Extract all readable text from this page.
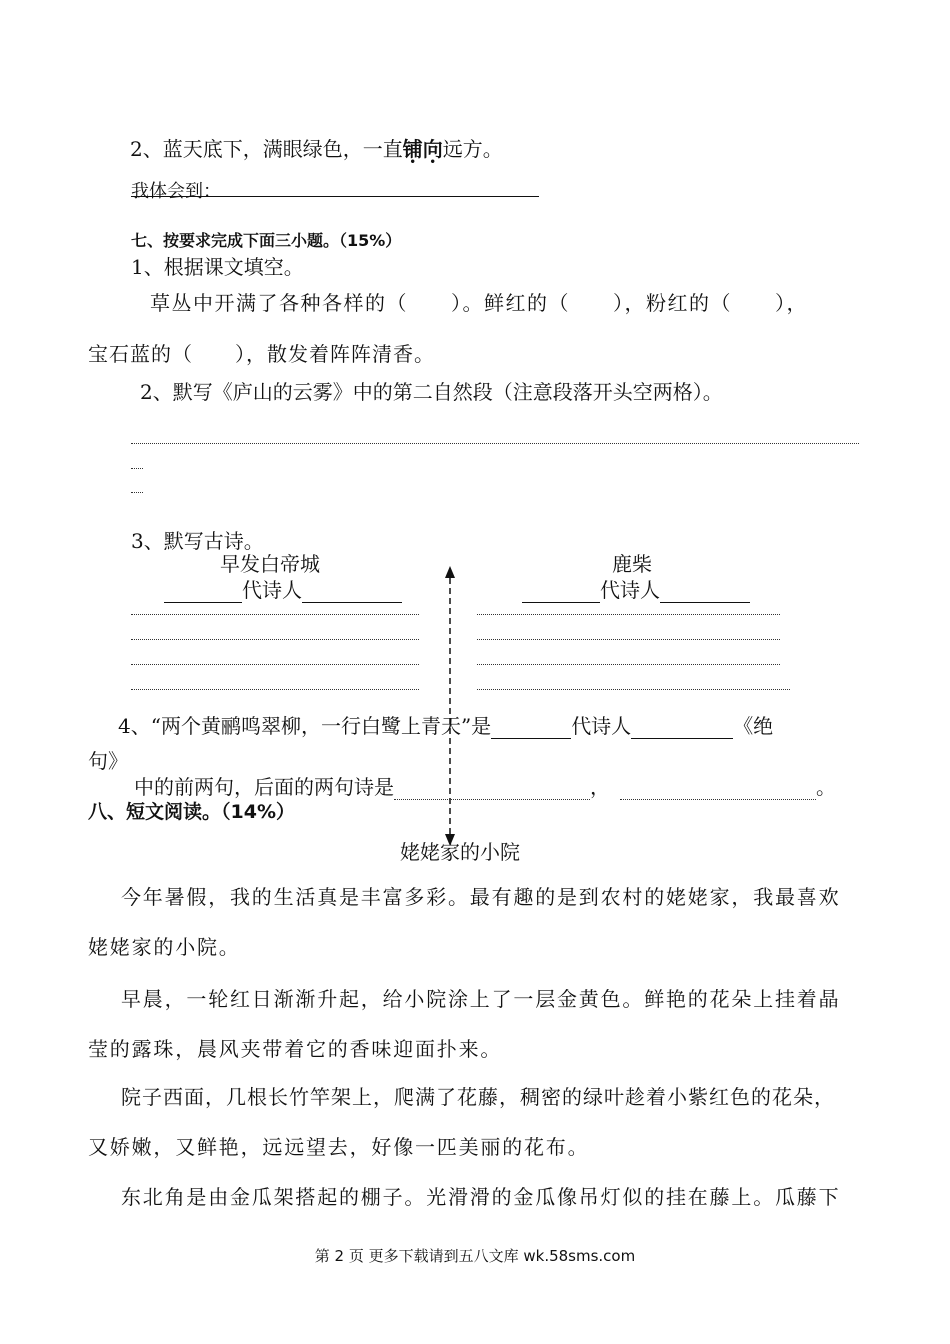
2、蓝天底下，满眼绿色，一直铺向远方。
我体会到：
七、按要求完成下面三小题。（15%）
1、根据课文填空。
草丛中开满了各种各样的（　　）。鲜红的（　　），粉红的（　　），
宝石蓝的（　　），散发着阵阵清香。
2、默写《庐山的云雾》中的第二自然段（注意段落开头空两格）。
3、默写古诗。
早发白帝城
代诗人
鹿柴
代诗人
4、“两个黄鹂鸣翠柳，一行白鹭上青天”是	代诗人	《绝
句》
中的前两句，后面的两句诗是	，	。
八、短文阅读。（14%）
姥姥家的小院
今年暑假，我的生活真是丰富多彩。最有趣的是到农村的姥姥家，我最喜欢
姥姥家的小院。
早晨，一轮红日渐渐升起，给小院涂上了一层金黄色。鲜艳的花朵上挂着晶
莹的露珠，晨风夹带着它的香味迎面扑来。
院子西面，几根长竹竿架上，爬满了花藤，稠密的绿叶趁着小紫红色的花朵，
又娇嫩，又鲜艳，远远望去，好像一匹美丽的花布。
东北角是由金瓜架搭起的棚子。光滑滑的金瓜像吊灯似的挂在藤上。瓜藤下
第 2 页 更多下载请到五八文库 wk.58sms.com
